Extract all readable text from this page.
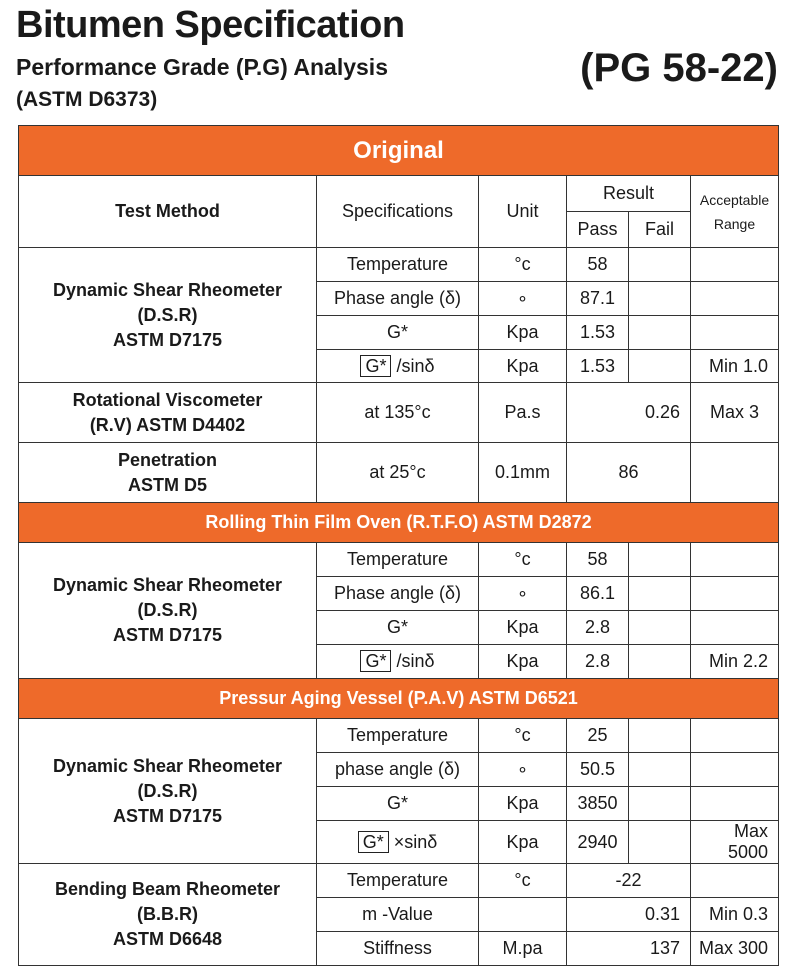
Bitumen Specification
Performance Grade (P.G) Analysis
(ASTM D6373)
(PG 58-22)
Original					
Test Method	Specifications	Unit	Result		Acceptable
Range
			Pass	Fail	
Dynamic Shear Rheometer
(D.S.R)
ASTM D7175	Temperature	°c	58		
	Phase angle (δ)	∘	87.1		
	G*	Kpa	1.53		
	G* /sinδ	Kpa	1.53		Min 1.0
Rotational Viscometer
(R.V) ASTM D4402	at 135°c	Pa.s	0.26		Max 3
Penetration
ASTM D5	at 25°c	0.1mm	86		
Rolling Thin Film Oven (R.T.F.O) ASTM D2872					
Dynamic Shear Rheometer
(D.S.R)
ASTM D7175	Temperature	°c	58		
	Phase angle (δ)	∘	86.1		
	G*	Kpa	2.8		
	G* /sinδ	Kpa	2.8		Min 2.2
Pressur Aging Vessel (P.A.V) ASTM D6521					
Dynamic Shear Rheometer
(D.S.R)
ASTM D7175	Temperature	°c	25		
	phase angle (δ)	∘	50.5		
	G*	Kpa	3850		
	G* ×sinδ	Kpa	2940		Max 5000
Bending Beam Rheometer
(B.B.R)
ASTM D6648	Temperature	°c	-22		
	m -Value		0.31		Min 0.3
	Stiffness	M.pa	137		Max 300
